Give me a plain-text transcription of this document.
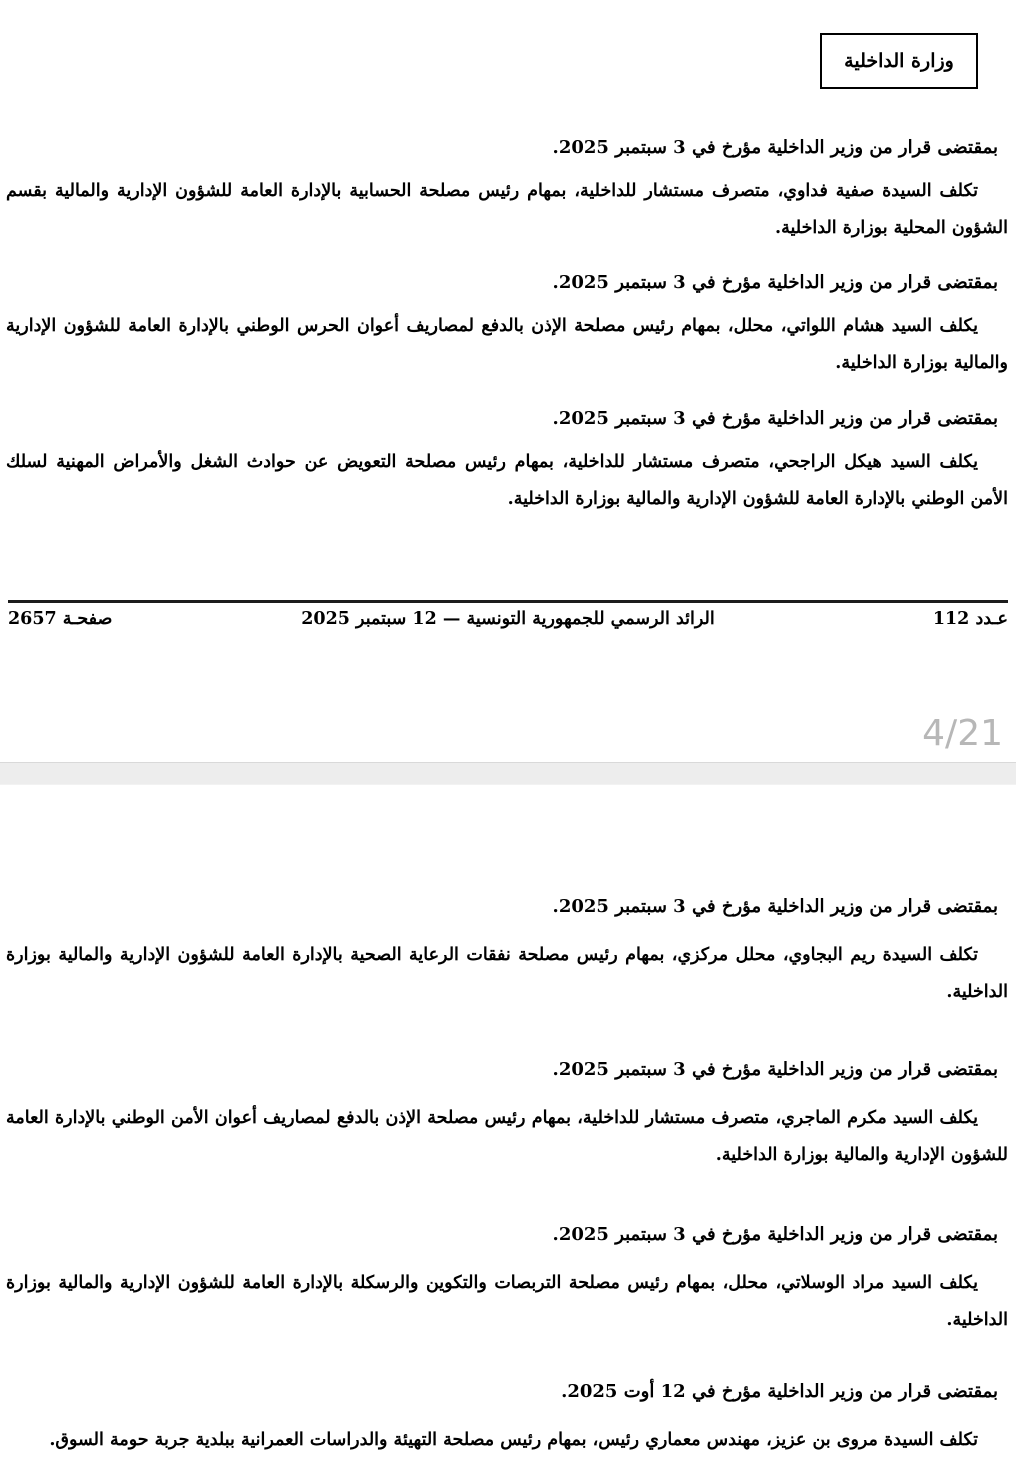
وزارة الداخلية
بمقتضى قرار من وزير الداخلية مؤرخ في 3 سبتمبر 2025.

تكلف السيدة صفية فداوي، متصرف مستشار للداخلية، بمهام رئيس مصلحة الحسابية بالإدارة العامة للشؤون الإدارية والمالية بقسم الشؤون المحلية بوزارة الداخلية.

بمقتضى قرار من وزير الداخلية مؤرخ في 3 سبتمبر 2025.

يكلف السيد هشام اللواتي، محلل، بمهام رئيس مصلحة الإذن بالدفع لمصاريف أعوان الحرس الوطني بالإدارة العامة للشؤون الإدارية والمالية بوزارة الداخلية.

بمقتضى قرار من وزير الداخلية مؤرخ في 3 سبتمبر 2025.

يكلف السيد هيكل الراجحي، متصرف مستشار للداخلية، بمهام رئيس مصلحة التعويض عن حوادث الشغل والأمراض المهنية لسلك الأمن الوطني بالإدارة العامة للشؤون الإدارية والمالية بوزارة الداخلية.

عـدد 112
الرائد الرسمي للجمهورية التونسية — 12 سبتمبر 2025
صفحـة 2657
4/21
بمقتضى قرار من وزير الداخلية مؤرخ في 3 سبتمبر 2025.

تكلف السيدة ريم البجاوي، محلل مركزي، بمهام رئيس مصلحة نفقات الرعاية الصحية بالإدارة العامة للشؤون الإدارية والمالية بوزارة الداخلية.

بمقتضى قرار من وزير الداخلية مؤرخ في 3 سبتمبر 2025.

يكلف السيد مكرم الماجري، متصرف مستشار للداخلية، بمهام رئيس مصلحة الإذن بالدفع لمصاريف أعوان الأمن الوطني بالإدارة العامة للشؤون الإدارية والمالية بوزارة الداخلية.

بمقتضى قرار من وزير الداخلية مؤرخ في 3 سبتمبر 2025.

يكلف السيد مراد الوسلاتي، محلل، بمهام رئيس مصلحة التربصات والتكوين والرسكلة بالإدارة العامة للشؤون الإدارية والمالية بوزارة الداخلية.

بمقتضى قرار من وزير الداخلية مؤرخ في 12 أوت 2025.

تكلف السيدة مروى بن عزيز، مهندس معماري رئيس، بمهام رئيس مصلحة التهيئة والدراسات العمرانية ببلدية جربة حومة السوق.
